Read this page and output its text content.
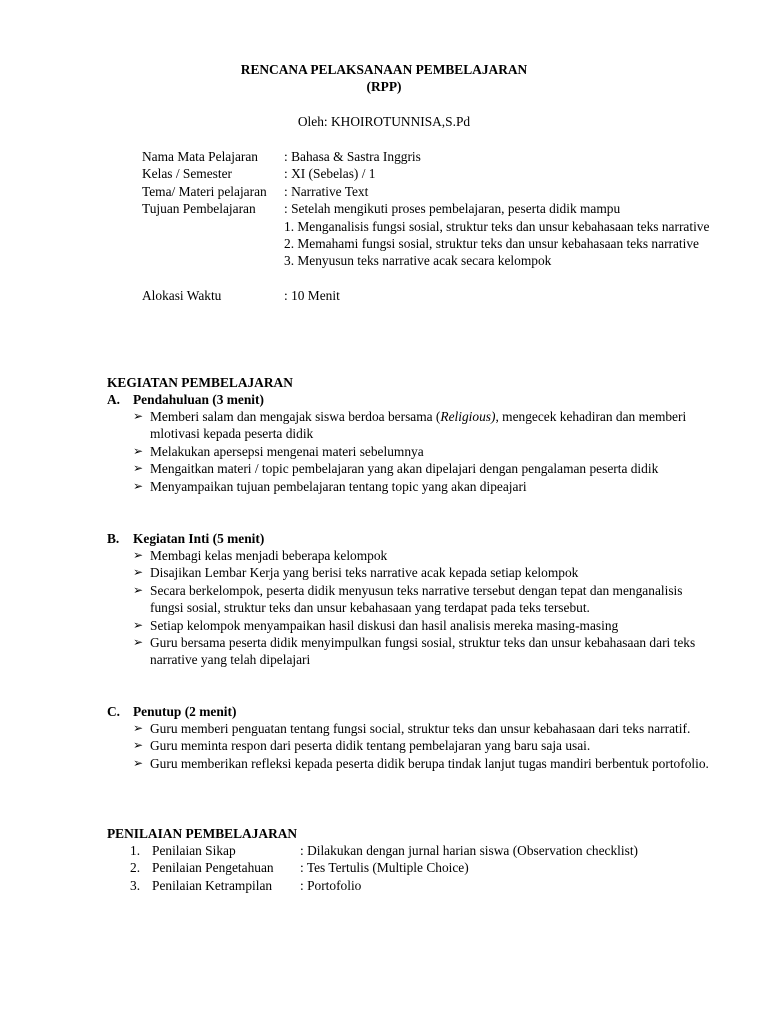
RENCANA PELAKSANAAN PEMBELAJARAN
(RPP)
Oleh: KHOIROTUNNISA,S.Pd
Nama Mata Pelajaran	: Bahasa & Sastra Inggris
Kelas / Semester	: XI (Sebelas) / 1
Tema/ Materi pelajaran	: Narrative Text
Tujuan Pembelajaran	: Setelah mengikuti proses pembelajaran, peserta didik mampu
1. Menganalisis fungsi sosial, struktur teks dan unsur kebahasaan teks narrative
2. Memahami fungsi sosial, struktur teks dan unsur kebahasaan teks narrative
3. Menyusun teks narrative acak secara kelompok
Alokasi Waktu	: 10 Menit
KEGIATAN PEMBELAJARAN
A. Pendahuluan (3 menit)
➢ Memberi salam dan mengajak siswa berdoa bersama (Religious), mengecek kehadiran dan memberi mlotivasi kepada peserta didik
➢ Melakukan apersepsi mengenai materi sebelumnya
➢ Mengaitkan materi / topic pembelajaran yang akan dipelajari dengan pengalaman peserta didik
➢ Menyampaikan tujuan pembelajaran tentang topic yang akan dipeajari
B.	Kegiatan Inti (5 menit)
➢ Membagi kelas menjadi beberapa kelompok
➢ Disajikan Lembar Kerja yang berisi teks narrative acak kepada setiap kelompok
➢ Secara berkelompok, peserta didik menyusun teks narrative tersebut dengan tepat dan menganalisis fungsi sosial, struktur teks dan unsur kebahasaan yang terdapat pada teks tersebut.
➢ Setiap kelompok menyampaikan hasil diskusi dan hasil analisis mereka masing-masing
➢ Guru bersama peserta didik menyimpulkan fungsi sosial, struktur teks dan unsur kebahasaan dari teks narrative yang telah dipelajari
C. Penutup (2 menit)
➢ Guru memberi penguatan tentang fungsi social, struktur teks dan unsur kebahasaan dari teks narratif.
➢ Guru meminta respon dari peserta didik tentang pembelajaran yang baru saja usai.
➢ Guru memberikan refleksi kepada peserta didik berupa tindak lanjut tugas mandiri berbentuk portofolio.
PENILAIAN PEMBELAJARAN
1. Penilaian Sikap	: Dilakukan dengan jurnal harian siswa (Observation checklist)
2. Penilaian Pengetahuan	: Tes Tertulis (Multiple Choice)
3. Penilaian Ketrampilan	: Portofolio
